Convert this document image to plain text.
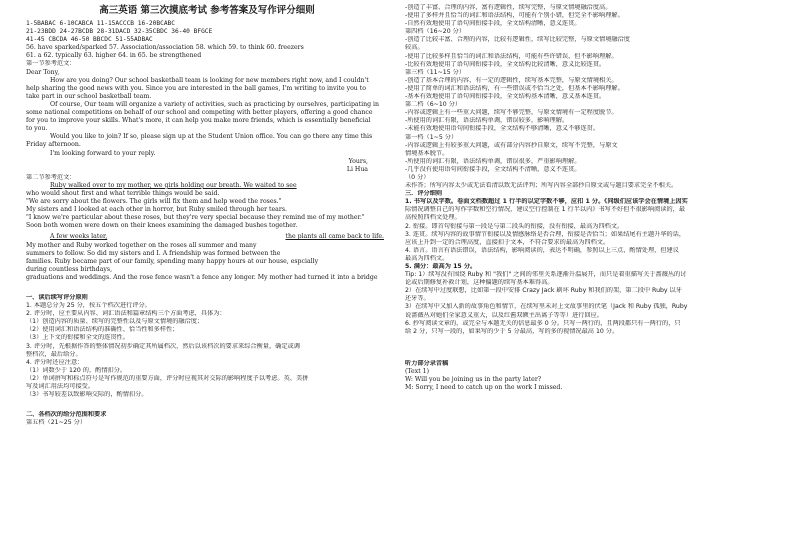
高三英语 第三次摸底考试 参考答案及写作评分细则
1-5BABAC 6-10CABCA 11-15ACCCB 16-20BCABC
21-23BDD 24-27BCDB 28-31DACD 32-35CBDC 36-40 BFGCE
41-45 CBCDA 46-50 BBCDC 51-55ADBAC
56. have sparked/sparked 57. Association/association 58. which 59. to think 60. freezers
61. a 62. typically 63. higher 64. in 65. be strengthened
第一节参考范文：
Dear Tony,
How are you doing? Our school basketball team is looking for new members right now, and I couldn't
help sharing the good news with you. Since you are interested in the ball games, I'm writing to invite you to
take part in our school basketball team.
Of course, Our team will organize a variety of activities, such as practicing by ourselves, participating in
some national competitions on behalf of our school and competing with better players, offering a good chance
for you to improve your skills. What's more, it can help you make more friends, which is essentially beneficial
to you.
Would you like to join? If so, please sign up at the Student Union office. You can go there any time this
Friday afternoon.
I'm looking forward to your reply.
Yours,
Li Hua
第二节参考范文：
Ruby walked over to my mother, we girls holding our breath. We waited to see
who would shout first and what terrible things would be said.
"We are sorry about the flowers. The girls will fix them and help weed the roses."
My sisters and I looked at each other in horror, but Ruby smiled through her tears.
"I know we're particular about these roses, but they're very special because they remind me of my mother."
Soon both women were down on their knees examining the damaged bushes together.
A few weeks later,	the plants all came back to life.
My mother and Ruby worked together on the roses all summer and many
summers to follow. So did my sisters and I. A friendship was formed between the
families. Ruby became part of our family, spending many happy hours at our house, espcially
during countless birthdays,
graduations and weddings. And the rose fence wasn't a fence any longer. My mother had turned it into a bridge
一、读后续写评分原则
1. 本题总分为 25 分，按五个档次进行评分。
2. 评分时，应主要从内容、词汇语法和篇章结构三个方面考虑，具体为：
（1）创造内容的质量、续写的完整性以及与原文情境的融洽度；
（2）使用词汇和语法结构的准确性、恰当性和多样性；
（3）上下文的衔接和全文的连贯性。
3. 评分时，先根据作答的整体情况初步确定其所属档次，然后以该档次的要求来综合衡量，确定或调
整档次，最后给分。
4. 评分时还应注意：
（1）词数少于 120 的，酌情扣分。
（2）单词拼写和标点符号是写作规范的重要方面，评分时应视其对交际的影响程度予以考虑。英、美拼
写及词汇用法均可接受。
（3）书写较差以致影响交际的，酌情扣分。
二、各档次的给分范围和要求
第五档（21~25 分）
-创造了丰富、合理的内容，富有逻辑性，续写完整，与原文情境融洽度高。
-使用了多样并且恰当的词汇和语法结构，可能有个别小错，但完全不影响理解。
-自然有效地使用了语句间衔接手段，全文结构清晰，意义连贯。
第四档（16~20 分）
-创造了比较丰富、合理的内容，比较有逻辑性，续写比较完整，与原文情境融洽度
较高。
-使用了比较多样且恰当的词汇和语法结构，可能有些许错误，但不影响理解。
-比较有效地使用了语句间衔接手段，全文结构比较清晰，意义比较连贯。
第三档（11~15 分）
-创造了基本合理的内容，有一定的逻辑性，续写基本完整，与原文情境相关。
-使用了简单的词汇和语法结构，有一些错误或不恰当之处，但基本不影响理解。
-基本有效地使用了语句间衔接手段，全文结构基本清晰，意义基本连贯。
第二档（6~10 分）
-内容或逻辑上有一些重大问题，续写不够完整，与原文情境有一定程度脱节。
-所使用的词汇有限，语法结构单调，错误较多，影响理解。
-未能有效地使用语句间衔接手段，全文结构不够清晰，意义不够连贯。
第一档（1~5 分）
-内容或逻辑上有较多重大问题，或有部分内容抄自原文，续写不完整，与原文
情境基本脱节。
-所使用的词汇有限，语法结构单调，错误很多，严重影响理解。
-几乎没有使用语句间衔接手段，全文结构不清晰，意义不连贯。
（0 分）
未作答；所写内容太少或无法看清以致无法评判；所写内容全部抄自原文或与题目要求完全不相关。
三．评分细则
1. 书写以及字数。卷面文档数超过 1 行半的以定字数不够，应扣 1 分。《同级们应该学会在情境上因实
际情况调整自己的写作字数和空行情况，建议空行控制在 1 行半以内》书写不好但不很影响阅读的，最
高按照四档文处理。
2. 衔接。即首句衔接与第一段是与第二段头的衔接，没有衔接，最高为四档文。
3. 连贯。续写内容的故事情节衔接以及情感脉络是否合理，衔接是否恰当；如果结尾有主题升华的话，
应该上升到一定的合理高度，直接扣于文本，不符合要求的最高为四档文。
4. 语言。语言有语法错误，语法结构，影响阅读的，表达不明确，参照以上三点，酌情处理，但建议
最高为四档文。
5. 满分：最高为 15 分。
Tip: 1）续写没有围绕 Ruby 和 "我们" 之间的邻里关系逐渐升温展开，而只是着重描写关于蔷薇丛的讨
论或后期修复补救计划，这种偏题的续写基本难得高。
2）在续写中过度联想，比如第一段中安排 Crazy Jack 刷坏 Ruby 和我们的架，第二段中 Ruby 以牙
还牙等。
3）在续写中又加入新的故事角色和情节，在续写里未对上文故事里的伏笔（Jack 和 Ruby 孤独，Ruby
说蔷薇丛对她们全家意义重大，以及红酱双额主出离子等等）进行回应。
6. 抄写阅读文章的，或完全与本题无关的信息最多 0 分。只写一两行的，且两段都只有一两行的，只
给 2 分，只写一段的，如果写的少于 5 分最高，写的多的视情况最高 10 分。
听力部分录音稿
(Text 1)
W: Will you be joining us in the party later?
M: Sorry, I need to catch up on the work I missed.
